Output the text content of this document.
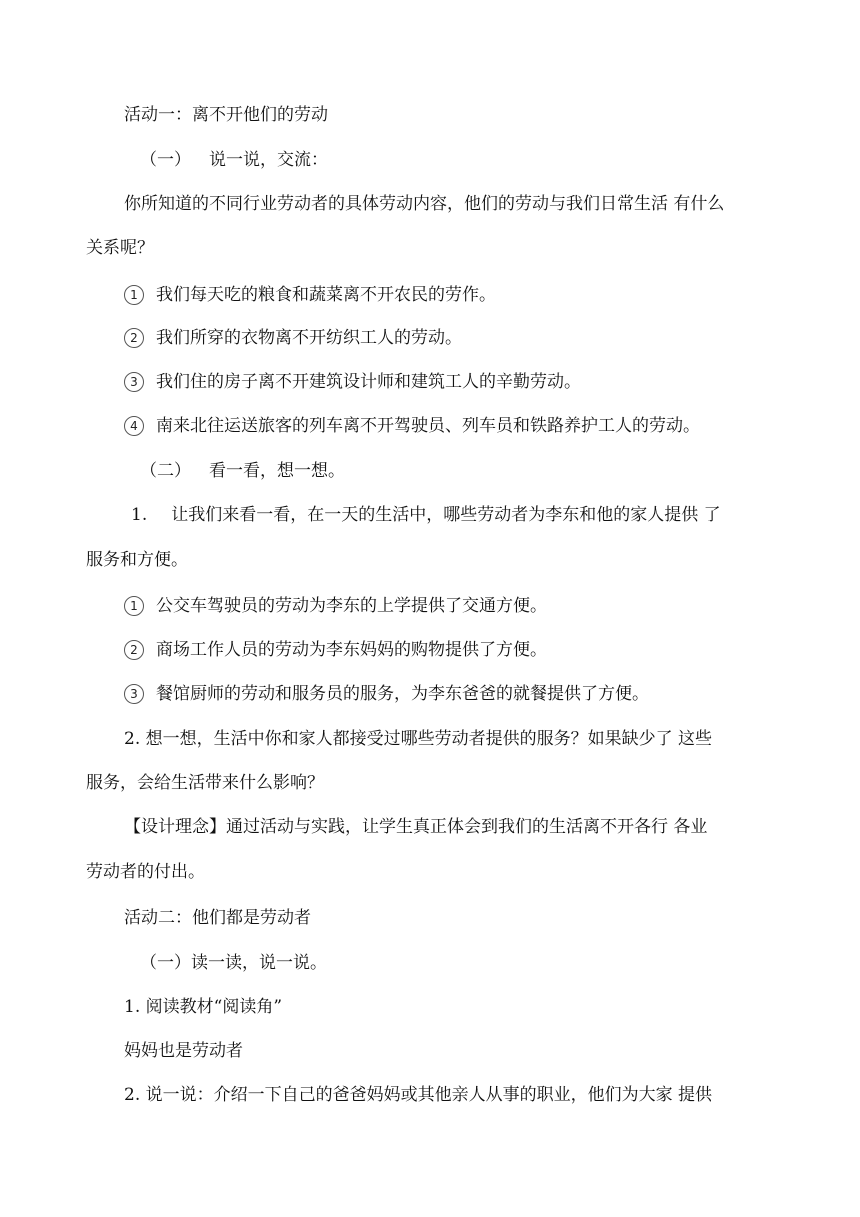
活动一：离不开他们的劳动
（一） 说一说，交流：
你所知道的不同行业劳动者的具体劳动内容，他们的劳动与我们日常生活 有什么
关系呢？
1 我们每天吃的粮食和蔬菜离不开农民的劳作。
2 我们所穿的衣物离不开纺织工人的劳动。
3 我们住的房子离不开建筑设计师和建筑工人的辛勤劳动。
4 南来北往运送旅客的列车离不开驾驶员、列车员和铁路养护工人的劳动。
（二） 看一看，想一想。
1. 让我们来看一看，在一天的生活中，哪些劳动者为李东和他的家人提供 了
服务和方便。
1 公交车驾驶员的劳动为李东的上学提供了交通方便。
2 商场工作人员的劳动为李东妈妈的购物提供了方便。
3 餐馆厨师的劳动和服务员的服务，为李东爸爸的就餐提供了方便。
2. 想一想，生活中你和家人都接受过哪些劳动者提供的服务？如果缺少了 这些
服务，会给生活带来什么影响？
【设计理念】通过活动与实践，让学生真正体会到我们的生活离不开各行 各业
劳动者的付出。
活动二：他们都是劳动者
（一）读一读，说一说。
1. 阅读教材“阅读角”
妈妈也是劳动者
2. 说一说：介绍一下自己的爸爸妈妈或其他亲人从事的职业，他们为大家 提供
